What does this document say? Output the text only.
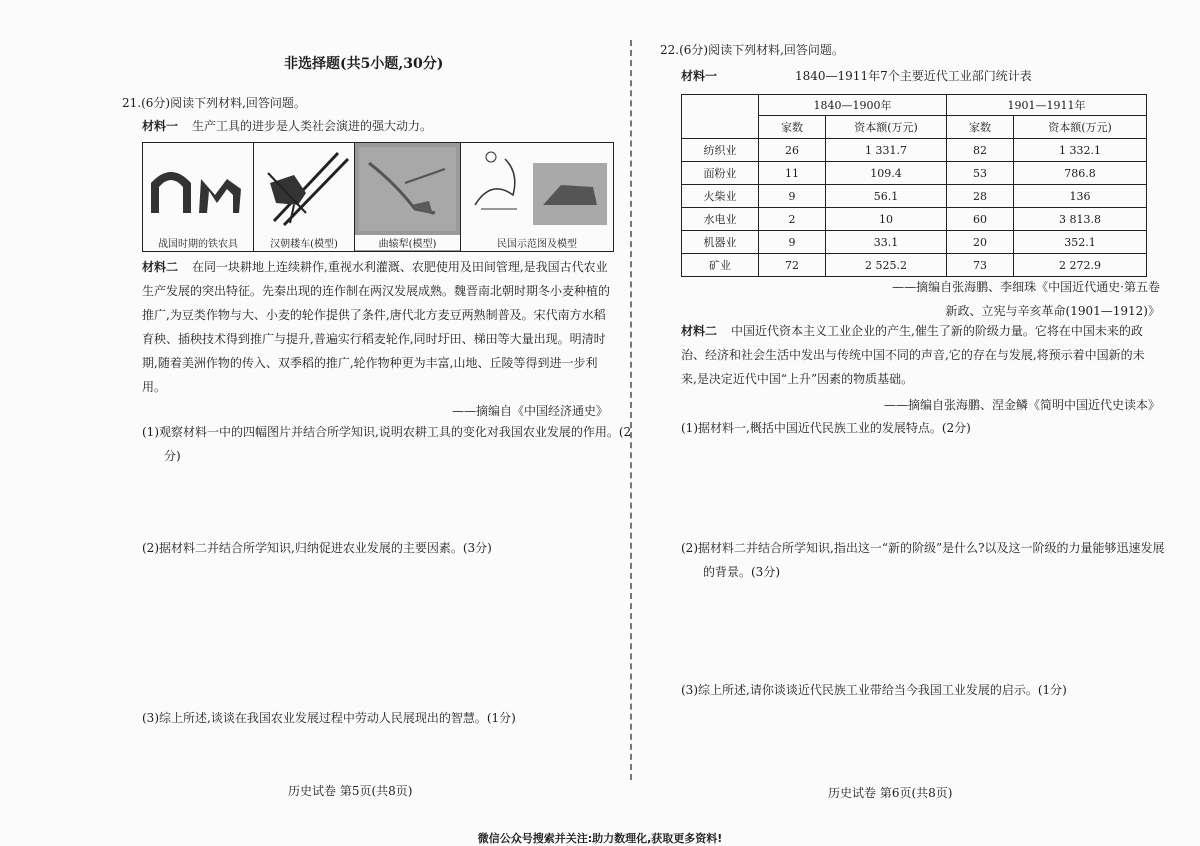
非选择题(共5小题,30分)
21.(6分)阅读下列材料,回答问题。
材料一 生产工具的进步是人类社会演进的强大动力。
战国时期的铁农具	汉朝耧车(模型)	曲辕犁(模型)	民国示范图及模型
材料二	在同一块耕地上连续耕作,重视水利灌溉、农肥使用及田间管理,是我国古代农业生产发展的突出特征。先秦出现的连作制在两汉发展成熟。魏晋南北朝时期冬小麦种植的推广,为豆类作物与大、小麦的轮作提供了条件,唐代北方麦豆两熟制普及。宋代南方水稻育秧、插秧技术得到推广与提升,普遍实行稻麦轮作,同时圩田、梯田等大量出现。明清时期,随着美洲作物的传入、双季稻的推广,轮作物种更为丰富,山地、丘陵等得到进一步利用。
——摘编自《中国经济通史》
(1)观察材料一中的四幅图片并结合所学知识,说明农耕工具的变化对我国农业发展的作用。(2分)
(2)据材料二并结合所学知识,归纳促进农业发展的主要因素。(3分)
(3)综上所述,谈谈在我国农业发展过程中劳动人民展现出的智慧。(1分)
历史试卷 第5页(共8页)
22.(6分)阅读下列材料,回答问题。
材料一	1840—1911年7个主要近代工业部门统计表
	1840—1900年		1901—1911年	
	家数	资本额(万元)	家数	资本额(万元)
纺织业	26	1 331.7	82	1 332.1
面粉业	11	109.4	53	786.8
火柴业	9	56.1	28	136
水电业	2	10	60	3 813.8
机器业	9	33.1	20	352.1
矿业	72	2 525.2	73	2 272.9
——摘编自张海鹏、李细珠《中国近代通史·第五卷
新政、立宪与辛亥革命(1901—1912)》
材料二	中国近代资本主义工业企业的产生,催生了新的阶级力量。它将在中国未来的政治、经济和社会生活中发出与传统中国不同的声音,它的存在与发展,将预示着中国新的未来,是决定近代中国“上升”因素的物质基础。
——摘编自张海鹏、涅金鳞《简明中国近代史读本》
(1)据材料一,概括中国近代民族工业的发展特点。(2分)
(2)据材料二并结合所学知识,指出这一“新的阶级”是什么?以及这一阶级的力量能够迅速发展的背景。(3分)
(3)综上所述,请你谈谈近代民族工业带给当今我国工业发展的启示。(1分)
历史试卷 第6页(共8页)
微信公众号搜索并关注:助力数理化,获取更多资料!
